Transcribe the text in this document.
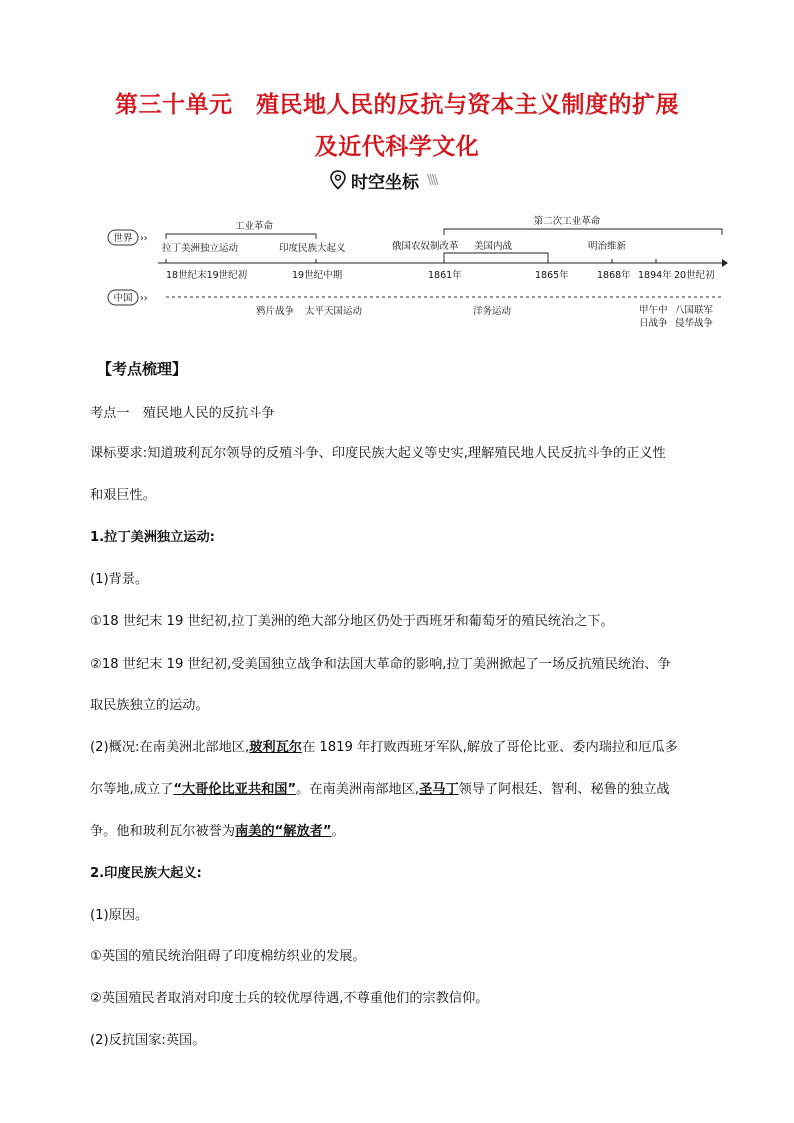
第三十单元　殖民地人民的反抗与资本主义制度的扩展
及近代科学文化
时空坐标 \\\\
世界 ››
中国 ››
工业革命	第二次工业革命
拉丁美洲独立运动	印度民族大起义	俄国农奴制改革 美国内战	明治维新
18世纪末19世纪初	19世纪中期	1861年	1865年	1868年 1894年 20世纪初
鸦片战争 太平天国运动	洋务运动	甲午中
日战争
八国联军
侵华战争
【考点梳理】
考点一　殖民地人民的反抗斗争
课标要求:知道玻利瓦尔领导的反殖斗争、印度民族大起义等史实,理解殖民地人民反抗斗争的正义性
和艰巨性。
1.拉丁美洲独立运动:
(1)背景。
①18 世纪末 19 世纪初,拉丁美洲的绝大部分地区仍处于西班牙和葡萄牙的殖民统治之下。
②18 世纪末 19 世纪初,受美国独立战争和法国大革命的影响,拉丁美洲掀起了一场反抗殖民统治、争
取民族独立的运动。
(2)概况:在南美洲北部地区,玻利瓦尔在 1819 年打败西班牙军队,解放了哥伦比亚、委内瑞拉和厄瓜多
尔等地,成立了“大哥伦比亚共和国”。在南美洲南部地区,圣马丁领导了阿根廷、智利、秘鲁的独立战
争。他和玻利瓦尔被誉为南美的“解放者”。
2.印度民族大起义:
(1)原因。
①英国的殖民统治阻碍了印度棉纺织业的发展。
②英国殖民者取消对印度士兵的较优厚待遇,不尊重他们的宗教信仰。
(2)反抗国家:英国。
